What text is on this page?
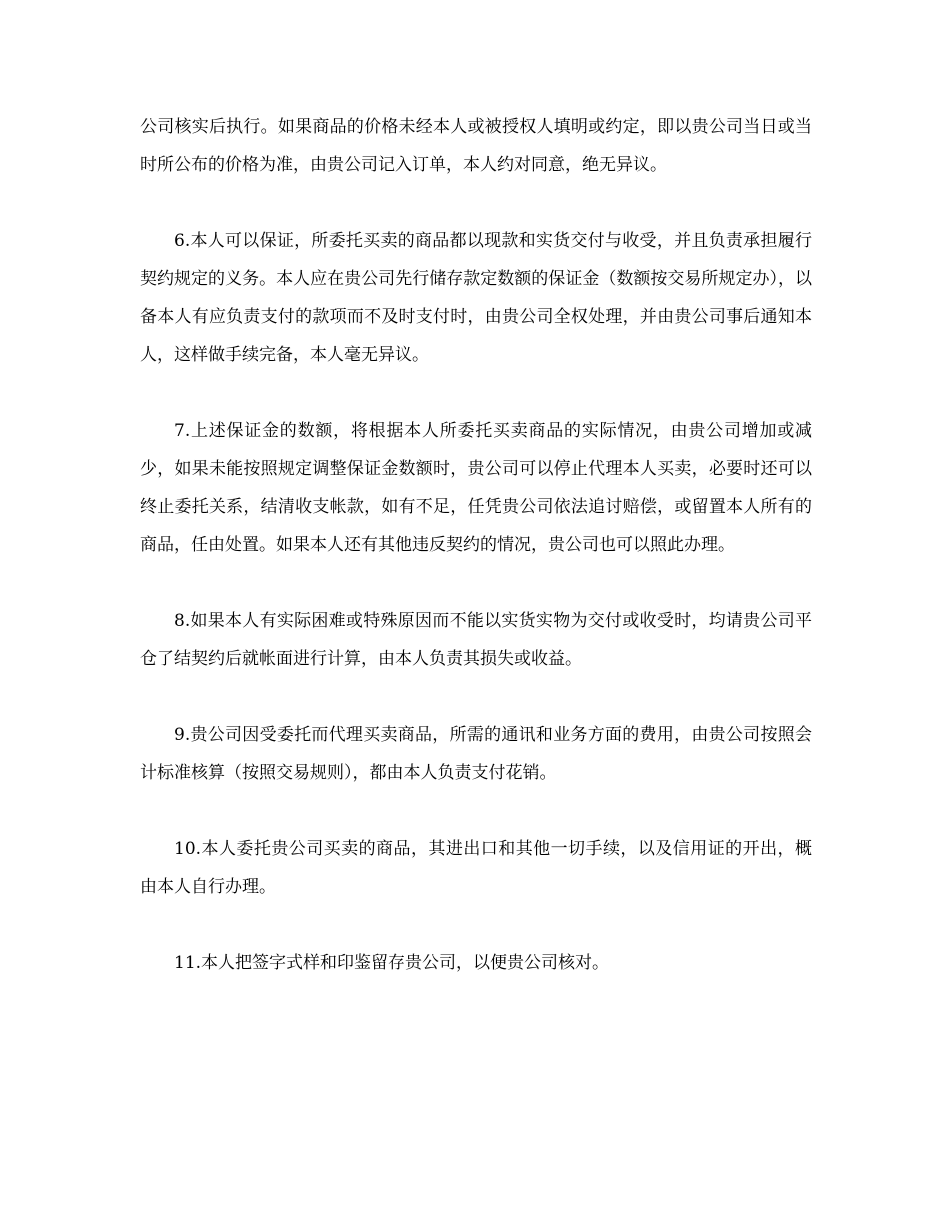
公司核实后执行。如果商品的价格未经本人或被授权人填明或约定，即以贵公司当日或当时所公布的价格为准，由贵公司记入订单，本人约对同意，绝无异议。

6.本人可以保证，所委托买卖的商品都以现款和实货交付与收受，并且负责承担履行契约规定的义务。本人应在贵公司先行储存款定数额的保证金（数额按交易所规定办），以备本人有应负责支付的款项而不及时支付时，由贵公司全权处理，并由贵公司事后通知本人，这样做手续完备，本人毫无异议。

7.上述保证金的数额，将根据本人所委托买卖商品的实际情况，由贵公司增加或减少，如果未能按照规定调整保证金数额时，贵公司可以停止代理本人买卖，必要时还可以终止委托关系，结清收支帐款，如有不足，任凭贵公司依法追讨赔偿，或留置本人所有的商品，任由处置。如果本人还有其他违反契约的情况，贵公司也可以照此办理。

8.如果本人有实际困难或特殊原因而不能以实货实物为交付或收受时，均请贵公司平仓了结契约后就帐面进行计算，由本人负责其损失或收益。

9.贵公司因受委托而代理买卖商品，所需的通讯和业务方面的费用，由贵公司按照会计标准核算（按照交易规则），都由本人负责支付花销。

10.本人委托贵公司买卖的商品，其进出口和其他一切手续，以及信用证的开出，概由本人自行办理。

11.本人把签字式样和印鉴留存贵公司，以便贵公司核对。
